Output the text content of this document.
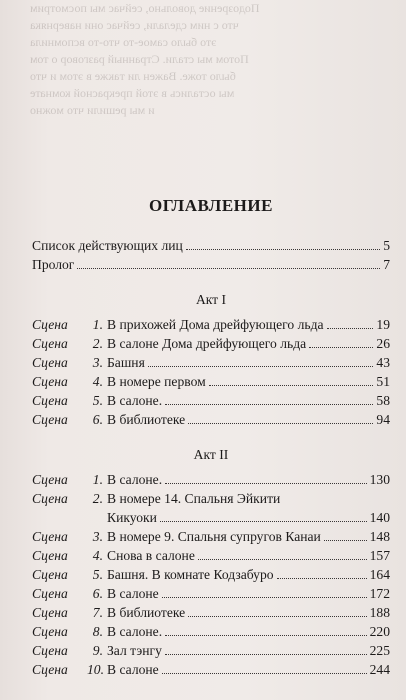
Подозрение довольно, сейчас мы посмотрим
что с ним сделали, сейчас они наверняка
это было самое-то что-то вспомнила
Потом мы стали. Странный разговор о том
было тоже. Важен ли также в этом и что
мы остались в этой прекрасной комнате
и мы решили что можно
ОГЛАВЛЕНИЕ
Список действующих лиц	5
Пролог	7
Акт I
Сцена 1. В прихожей Дома дрейфующего льда	19
Сцена 2. В салоне Дома дрейфующего льда	26
Сцена 3. Башня	43
Сцена 4. В номере первом	51
Сцена 5. В салоне.	58
Сцена 6. В библиотеке	94
Акт II
Сцена 1. В салоне.	130
Сцена 2. В номере 14. Спальня Эйкити
Кикуоки	140
Сцена 3. В номере 9. Спальня супругов Канаи	148
Сцена 4. Снова в салоне	157
Сцена 5. Башня. В комнате Кодзабуро	164
Сцена 6. В салоне	172
Сцена 7. В библиотеке	188
Сцена 8. В салоне.	220
Сцена 9. Зал тэнгу	225
Сцена 10. В салоне	244
